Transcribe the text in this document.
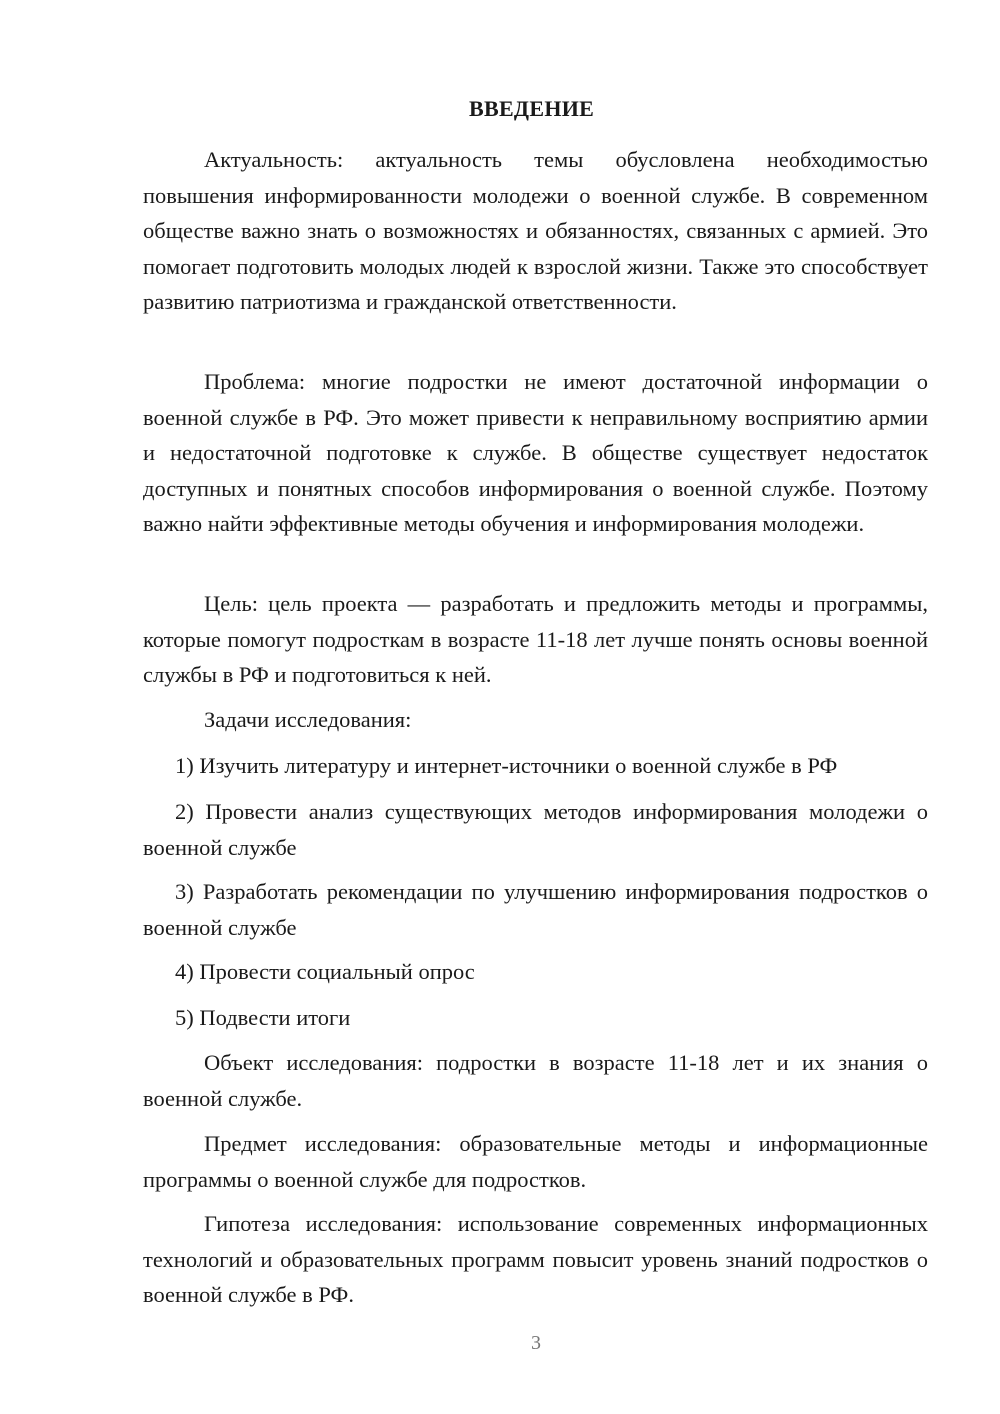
ВВЕДЕНИЕ

Актуальность: актуальность темы обусловлена необходимостью повышения информированности молодежи о военной службе. В современном обществе важно знать о возможностях и обязанностях, связанных с армией. Это помогает подготовить молодых людей к взрослой жизни. Также это способствует развитию патриотизма и гражданской ответственности.

Проблема: многие подростки не имеют достаточной информации о военной службе в РФ. Это может привести к неправильному восприятию армии и недостаточной подготовке к службе. В обществе существует недостаток доступных и понятных способов информирования о военной службе. Поэтому важно найти эффективные методы обучения и информирования молодежи.

Цель: цель проекта — разработать и предложить методы и программы, которые помогут подросткам в возрасте 11-18 лет лучше понять основы военной службы в РФ и подготовиться к ней.

Задачи исследования:

1) Изучить литературу и интернет-источники о военной службе в РФ

2) Провести анализ существующих методов информирования молодежи о военной службе

3) Разработать рекомендации по улучшению информирования подростков о военной службе

4) Провести социальный опрос

5) Подвести итоги

Объект исследования: подростки в возрасте 11-18 лет и их знания о военной службе.

Предмет исследования: образовательные методы и информационные программы о военной службе для подростков.

Гипотеза исследования: использование современных информационных технологий и образовательных программ повысит уровень знаний подростков о военной службе в РФ.

3
